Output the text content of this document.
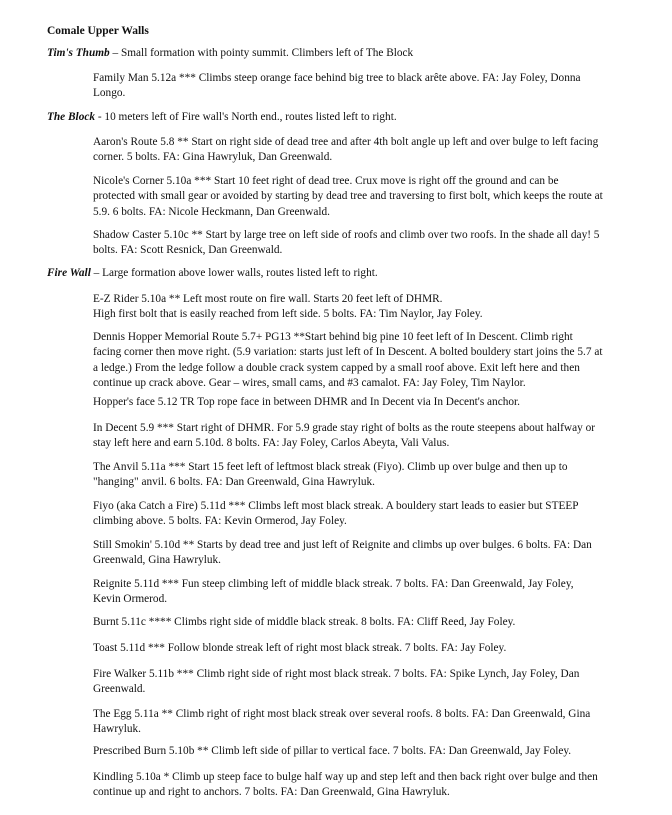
Comale Upper Walls
Tim's Thumb – Small formation with pointy summit. Climbers left of The Block
Family Man 5.12a *** Climbs steep orange face behind big tree to black arête above. FA: Jay Foley, Donna Longo.
The Block - 10 meters left of Fire wall's North end., routes listed left to right.
Aaron's Route 5.8 ** Start on right side of dead tree and after 4th bolt angle up left and over bulge to left facing corner. 5 bolts. FA: Gina Hawryluk, Dan Greenwald.
Nicole's Corner 5.10a *** Start 10 feet right of dead tree. Crux move is right off the ground and can be protected with small gear or avoided by starting by dead tree and traversing to first bolt, which keeps the route at 5.9. 6 bolts. FA: Nicole Heckmann, Dan Greenwald.
Shadow Caster 5.10c ** Start by large tree on left side of roofs and climb over two roofs. In the shade all day! 5 bolts. FA: Scott Resnick, Dan Greenwald.
Fire Wall – Large formation above lower walls, routes listed left to right.
E-Z Rider 5.10a ** Left most route on fire wall. Starts 20 feet left of DHMR.
High first bolt that is easily reached from left side. 5 bolts. FA: Tim Naylor, Jay Foley.
Dennis Hopper Memorial Route 5.7+ PG13 **Start behind big pine 10 feet left of In Descent. Climb right facing corner then move right. (5.9 variation: starts just left of In Descent. A bolted bouldery start joins the 5.7 at a ledge.) From the ledge follow a double crack system capped by a small roof above. Exit left here and then continue up crack above. Gear – wires, small cams, and #3 camalot. FA: Jay Foley, Tim Naylor.
Hopper's face 5.12 TR Top rope face in between DHMR and In Decent via In Decent's anchor.
In Decent 5.9 *** Start right of DHMR. For 5.9 grade stay right of bolts as the route steepens about halfway or stay left here and earn 5.10d. 8 bolts. FA: Jay Foley, Carlos Abeyta, Vali Valus.
The Anvil 5.11a *** Start 15 feet left of leftmost black streak (Fiyo). Climb up over bulge and then up to "hanging" anvil. 6 bolts. FA: Dan Greenwald, Gina Hawryluk.
Fiyo (aka Catch a Fire) 5.11d *** Climbs left most black streak. A bouldery start leads to easier but STEEP climbing above. 5 bolts. FA: Kevin Ormerod, Jay Foley.
Still Smokin' 5.10d ** Starts by dead tree and just left of Reignite and climbs up over bulges. 6 bolts. FA: Dan Greenwald, Gina Hawryluk.
Reignite 5.11d *** Fun steep climbing left of middle black streak. 7 bolts. FA: Dan Greenwald, Jay Foley, Kevin Ormerod.
Burnt 5.11c **** Climbs right side of middle black streak. 8 bolts. FA: Cliff Reed, Jay Foley.
Toast 5.11d *** Follow blonde streak left of right most black streak. 7 bolts. FA: Jay Foley.
Fire Walker 5.11b *** Climb right side of right most black streak. 7 bolts. FA: Spike Lynch, Jay Foley, Dan Greenwald.
The Egg 5.11a ** Climb right of right most black streak over several roofs. 8 bolts. FA: Dan Greenwald, Gina Hawryluk.
Prescribed Burn 5.10b ** Climb left side of pillar to vertical face. 7 bolts. FA: Dan Greenwald, Jay Foley.
Kindling 5.10a * Climb up steep face to bulge half way up and step left and then back right over bulge and then continue up and right to anchors. 7 bolts. FA: Dan Greenwald, Gina Hawryluk.
